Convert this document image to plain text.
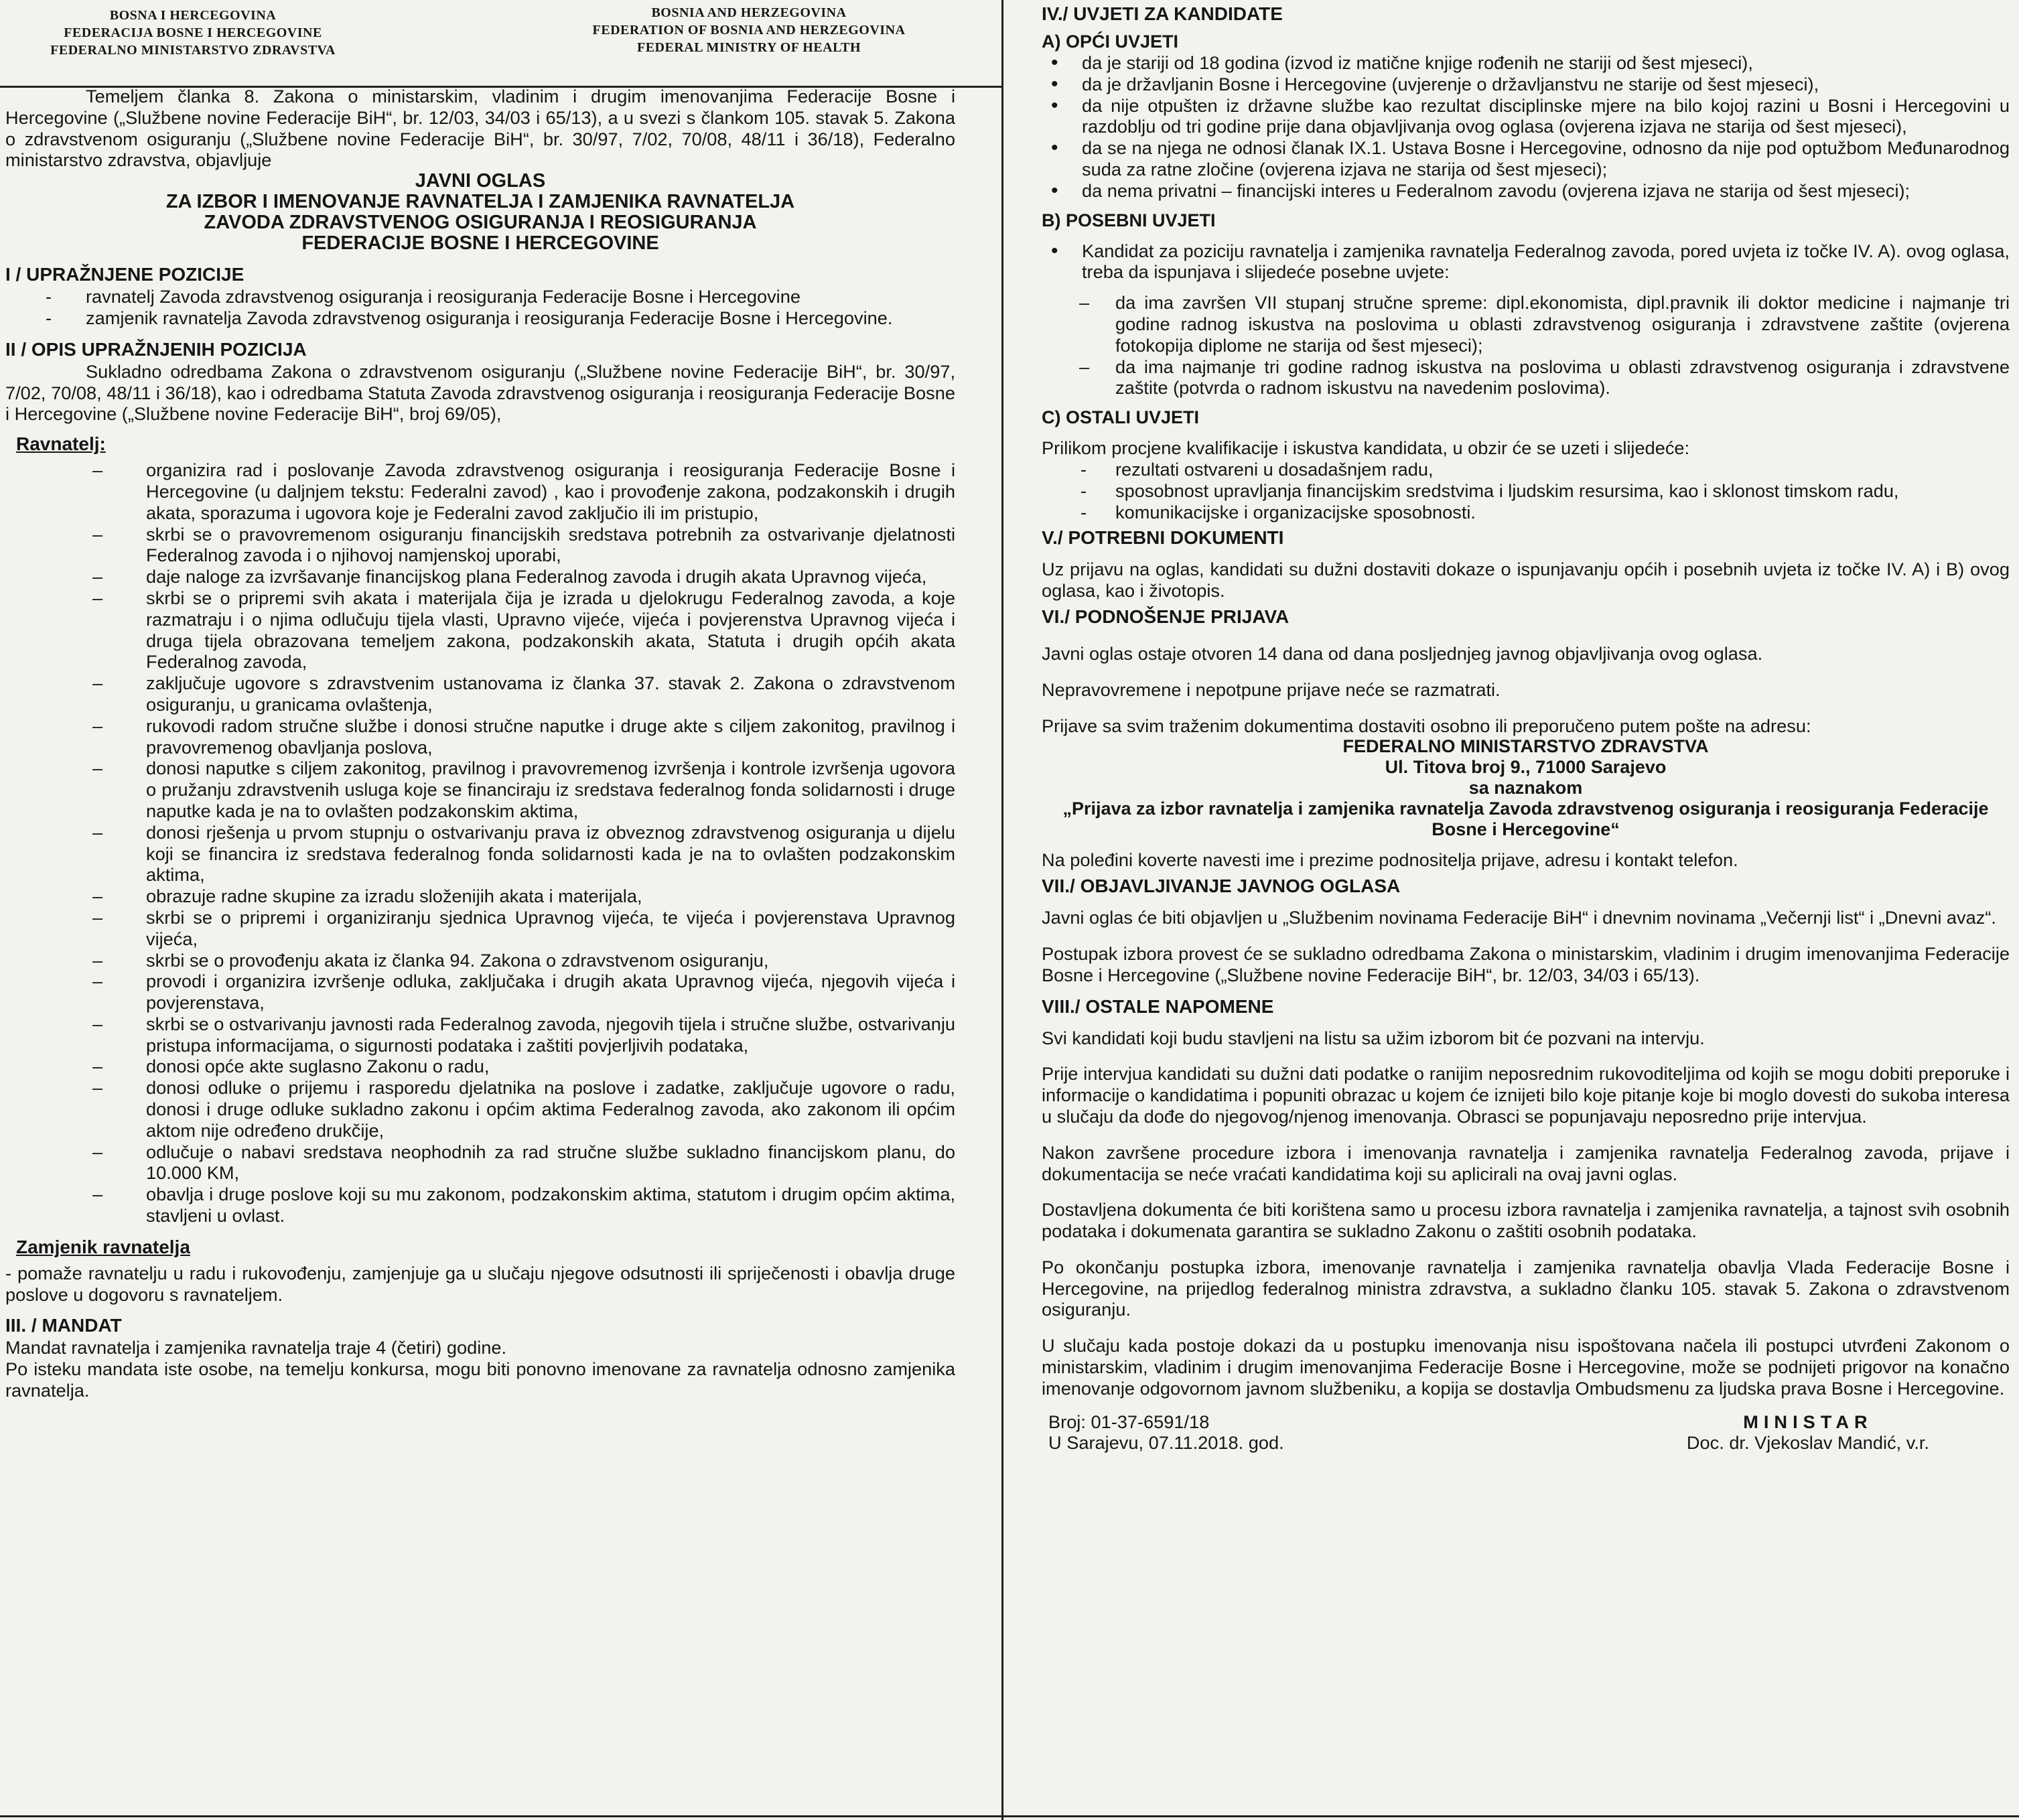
BOSNA I HERCEGOVINA
FEDERACIJA BOSNE I HERCEGOVINE
FEDERALNO MINISTARSTVO ZDRAVSTVA
BOSNIA AND HERZEGOVINA
FEDERATION OF BOSNIA AND HERZEGOVINA
FEDERAL MINISTRY OF HEALTH

Temeljem članka 8. Zakona o ministarskim, vladinim i drugim imenovanjima Federacije Bosne i Hercegovine („Službene novine Federacije BiH“, br. 12/03, 34/03 i 65/13), a u svezi s člankom 105. stavak 5. Zakona o zdravstvenom osiguranju („Službene novine Federacije BiH“, br. 30/97, 7/02, 70/08, 48/11 i 36/18), Federalno ministarstvo zdravstva, objavljuje

JAVNI OGLAS
ZA IZBOR I IMENOVANJE RAVNATELJA I ZAMJENIKA RAVNATELJA
ZAVODA ZDRAVSTVENOG OSIGURANJA I REOSIGURANJA
FEDERACIJE BOSNE I HERCEGOVINE
I / UPRAŽNJENE POZICIJE
- ravnatelj Zavoda zdravstvenog osiguranja i reosiguranja Federacije Bosne i Hercegovine
- zamjenik ravnatelja Zavoda zdravstvenog osiguranja i reosiguranja Federacije Bosne i Hercegovine.
II / OPIS UPRAŽNJENIH POZICIJA

Sukladno odredbama Zakona o zdravstvenom osiguranju („Službene novine Federacije BiH“, br. 30/97, 7/02, 70/08, 48/11 i 36/18), kao i odredbama Statuta Zavoda zdravstvenog osiguranja i reosiguranja Federacije Bosne i Hercegovine („Službene novine Federacije BiH“, broj 69/05),

Ravnatelj:
– organizira rad i poslovanje Zavoda zdravstvenog osiguranja i reosiguranja Federacije Bosne i Hercegovine (u daljnjem tekstu: Federalni zavod) , kao i provođenje zakona, podzakonskih i drugih akata, sporazuma i ugovora koje je Federalni zavod zaključio ili im pristupio,
– skrbi se o pravovremenom osiguranju financijskih sredstava potrebnih za ostvarivanje djelatnosti Federalnog zavoda i o njihovoj namjenskoj uporabi,
– daje naloge za izvršavanje financijskog plana Federalnog zavoda i drugih akata Upravnog vijeća,
– skrbi se o pripremi svih akata i materijala čija je izrada u djelokrugu Federalnog zavoda, a koje razmatraju i o njima odlučuju tijela vlasti, Upravno vijeće, vijeća i povjerenstva Upravnog vijeća i druga tijela obrazovana temeljem zakona, podzakonskih akata, Statuta i drugih općih akata Federalnog zavoda,
– zaključuje ugovore s zdravstvenim ustanovama iz članka 37. stavak 2. Zakona o zdravstvenom osiguranju, u granicama ovlaštenja,
– rukovodi radom stručne službe i donosi stručne naputke i druge akte s ciljem zakonitog, pravilnog i pravovremenog obavljanja poslova,
– donosi naputke s ciljem zakonitog, pravilnog i pravovremenog izvršenja i kontrole izvršenja ugovora o pružanju zdravstvenih usluga koje se financiraju iz sredstava federalnog fonda solidarnosti i druge naputke kada je na to ovlašten podzakonskim aktima,
– donosi rješenja u prvom stupnju o ostvarivanju prava iz obveznog zdravstvenog osiguranja u dijelu koji se financira iz sredstava federalnog fonda solidarnosti kada je na to ovlašten podzakonskim aktima,
– obrazuje radne skupine za izradu složenijih akata i materijala,
– skrbi se o pripremi i organiziranju sjednica Upravnog vijeća, te vijeća i povjerenstava Upravnog vijeća,
– skrbi se o provođenju akata iz članka 94. Zakona o zdravstvenom osiguranju,
– provodi i organizira izvršenje odluka, zaključaka i drugih akata Upravnog vijeća, njegovih vijeća i povjerenstava,
– skrbi se o ostvarivanju javnosti rada Federalnog zavoda, njegovih tijela i stručne službe, ostvarivanju pristupa informacijama, o sigurnosti podataka i zaštiti povjerljivih podataka,
– donosi opće akte suglasno Zakonu o radu,
– donosi odluke o prijemu i rasporedu djelatnika na poslove i zadatke, zaključuje ugovore o radu, donosi i druge odluke sukladno zakonu i općim aktima Federalnog zavoda, ako zakonom ili općim aktom nije određeno drukčije,
– odlučuje o nabavi sredstava neophodnih za rad stručne službe sukladno financijskom planu, do 10.000 KM,
– obavlja i druge poslove koji su mu zakonom, podzakonskim aktima, statutom i drugim općim aktima, stavljeni u ovlast.
Zamjenik ravnatelja

- pomaže ravnatelju u radu i rukovođenju, zamjenjuje ga u slučaju njegove odsutnosti ili spriječenosti i obavlja druge poslove u dogovoru s ravnateljem.

III. / MANDAT

Mandat ravnatelja i zamjenika ravnatelja traje 4 (četiri) godine.

Po isteku mandata iste osobe, na temelju konkursa, mogu biti ponovno imenovane za ravnatelja odnosno zamjenika ravnatelja.

IV./ UVJETI ZA KANDIDATE
A) OPĆI UVJETI
• da je stariji od 18 godina (izvod iz matične knjige rođenih ne stariji od šest mjeseci),
• da je državljanin Bosne i Hercegovine (uvjerenje o državljanstvu ne starije od šest mjeseci),
• da nije otpušten iz državne službe kao rezultat disciplinske mjere na bilo kojoj razini u Bosni i Hercegovini u razdoblju od tri godine prije dana objavljivanja ovog oglasa (ovjerena izjava ne starija od šest mjeseci),
• da se na njega ne odnosi članak IX.1. Ustava Bosne i Hercegovine, odnosno da nije pod optužbom Međunarodnog suda za ratne zločine (ovjerena izjava ne starija od šest mjeseci);
• da nema privatni – financijski interes u Federalnom zavodu (ovjerena izjava ne starija od šest mjeseci);
B) POSEBNI UVJETI
• Kandidat za poziciju ravnatelja i zamjenika ravnatelja Federalnog zavoda, pored uvjeta iz točke IV. A). ovog oglasa, treba da ispunjava i slijedeće posebne uvjete:
– da ima završen VII stupanj stručne spreme: dipl.ekonomista, dipl.pravnik ili doktor medicine i najmanje tri godine radnog iskustva na poslovima u oblasti zdravstvenog osiguranja i zdravstvene zaštite (ovjerena fotokopija diplome ne starija od šest mjeseci);
– da ima najmanje tri godine radnog iskustva na poslovima u oblasti zdravstvenog osiguranja i zdravstvene zaštite (potvrda o radnom iskustvu na navedenim poslovima).
C) OSTALI UVJETI

Prilikom procjene kvalifikacije i iskustva kandidata, u obzir će se uzeti i slijedeće:

- rezultati ostvareni u dosadašnjem radu,
- sposobnost upravljanja financijskim sredstvima i ljudskim resursima, kao i sklonost timskom radu,
- komunikacijske i organizacijske sposobnosti.
V./ POTREBNI DOKUMENTI

Uz prijavu na oglas, kandidati su dužni dostaviti dokaze o ispunjavanju općih i posebnih uvjeta iz točke IV. A) i B) ovog oglasa, kao i životopis.

VI./ PODNOŠENJE PRIJAVA

Javni oglas ostaje otvoren 14 dana od dana posljednjeg javnog objavljivanja ovog oglasa.

Nepravovremene i nepotpune prijave neće se razmatrati.

Prijave sa svim traženim dokumentima dostaviti osobno ili preporučeno putem pošte na adresu:

FEDERALNO MINISTARSTVO ZDRAVSTVA
Ul. Titova broj 9., 71000 Sarajevo
sa naznakom
„Prijava za izbor ravnatelja i zamjenika ravnatelja Zavoda zdravstvenog osiguranja i reosiguranja Federacije Bosne i Hercegovine“

Na poleđini koverte navesti ime i prezime podnositelja prijave, adresu i kontakt telefon.

VII./ OBJAVLJIVANJE JAVNOG OGLASA

Javni oglas će biti objavljen u „Službenim novinama Federacije BiH“ i dnevnim novinama „Večernji list“ i „Dnevni avaz“.

Postupak izbora provest će se sukladno odredbama Zakona o ministarskim, vladinim i drugim imenovanjima Federacije Bosne i Hercegovine („Službene novine Federacije BiH“, br. 12/03, 34/03 i 65/13).

VIII./ OSTALE NAPOMENE

Svi kandidati koji budu stavljeni na listu sa užim izborom bit će pozvani na intervju.

Prije intervjua kandidati su dužni dati podatke o ranijim neposrednim rukovoditeljima od kojih se mogu dobiti preporuke i informacije o kandidatima i popuniti obrazac u kojem će iznijeti bilo koje pitanje koje bi moglo dovesti do sukoba interesa u slučaju da dođe do njegovog/njenog imenovanja. Obrasci se popunjavaju neposredno prije intervjua.

Nakon završene procedure izbora i imenovanja ravnatelja i zamjenika ravnatelja Federalnog zavoda, prijave i dokumentacija se neće vraćati kandidatima koji su aplicirali na ovaj javni oglas.

Dostavljena dokumenta će biti korištena samo u procesu izbora ravnatelja i zamjenika ravnatelja, a tajnost svih osobnih podataka i dokumenata garantira se sukladno Zakonu o zaštiti osobnih podataka.

Po okončanju postupka izbora, imenovanje ravnatelja i zamjenika ravnatelja obavlja Vlada Federacije Bosne i Hercegovine, na prijedlog federalnog ministra zdravstva, a sukladno članku 105. stavak 5. Zakona o zdravstvenom osiguranju.

U slučaju kada postoje dokazi da u postupku imenovanja nisu ispoštovana načela ili postupci utvrđeni Zakonom o ministarskim, vladinim i drugim imenovanjima Federacije Bosne i Hercegovine, može se podnijeti prigovor na konačno imenovanje odgovornom javnom službeniku, a kopija se dostavlja Ombudsmenu za ljudska prava Bosne i Hercegovine.

Broj: 01-37-6591/18
U Sarajevu, 07.11.2018. god.
MINISTAR
Doc. dr. Vjekoslav Mandić, v.r.
